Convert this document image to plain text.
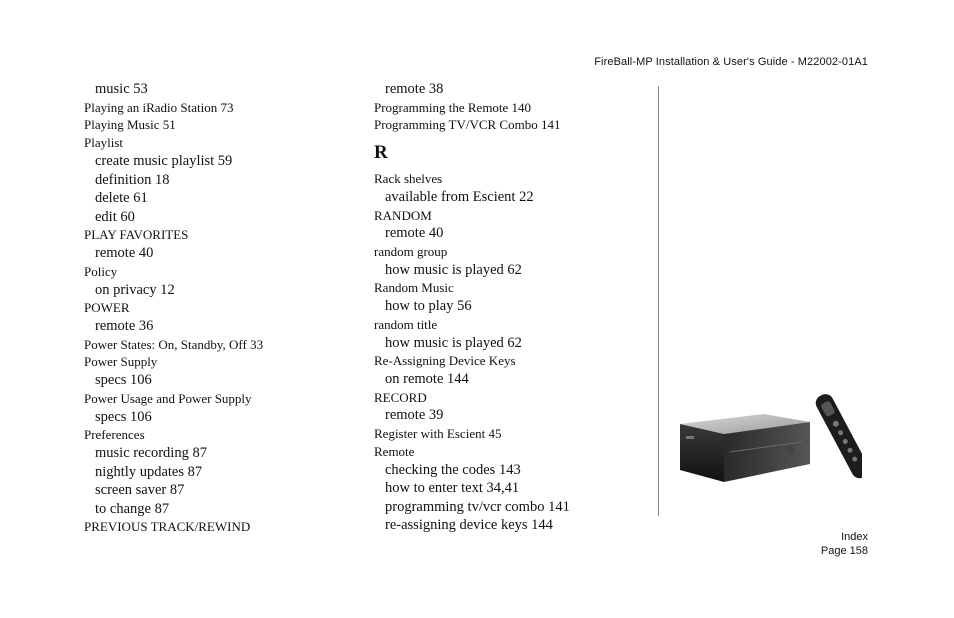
FireBall-MP Installation & User's Guide - M22002-01A1
music 53
Playing an iRadio Station 73
Playing Music 51
Playlist
create music playlist 59
definition 18
delete 61
edit 60
PLAY FAVORITES
remote 40
Policy
on privacy 12
POWER
remote 36
Power States: On, Standby, Off 33
Power Supply
specs 106
Power Usage and Power Supply
specs 106
Preferences
music recording 87
nightly updates 87
screen saver 87
to change 87
PREVIOUS TRACK/REWIND
remote 38
Programming the Remote 140
Programming TV/VCR Combo 141
R
Rack shelves
available from Escient 22
RANDOM
remote 40
random group
how music is played 62
Random Music
how to play 56
random title
how music is played 62
Re-Assigning Device Keys
on remote 144
RECORD
remote 39
Register with Escient 45
Remote
checking the codes 143
how to enter text 34,41
programming tv/vcr combo 141
re-assigning device keys 144
Index
Page 158
